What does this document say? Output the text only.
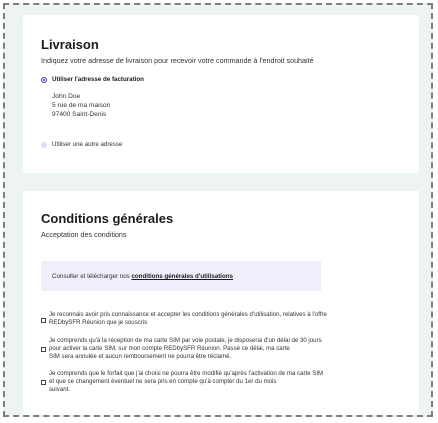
Livraison
Indiquez votre adresse de livraison pour recevoir votre commande à l'endroit souhaité
Utiliser l'adresse de facturation
John Doe
5 rue de ma maison
97400 Saint-Denis
Utiliser une autre adresse
Conditions générales
Acceptation des conditions
Consulter et télécharger nos conditions générales d'utilisations
Je reconnais avoir pris connaissance et accepter les conditions générales d'utilisation, relatives à l'offre
REDbySFR Réunion que je souscris
Je comprends qu'à la réception de ma carte SIM par voie postale, je disposerai d'un délai de 30 jours
pour activer la carte SIM, sur mon compte REDbySFR Réunion. Passé ce délai, ma carte
SIM sera annulée et aucun remboursement ne pourra être réclamé.
Je comprends que le forfait que j'ai choisi ne pourra être modifié qu'après l'activation de ma carte SIM
et que ce changement éventuel ne sera pris en compte qu'à compter du 1er du mois
suivant.
